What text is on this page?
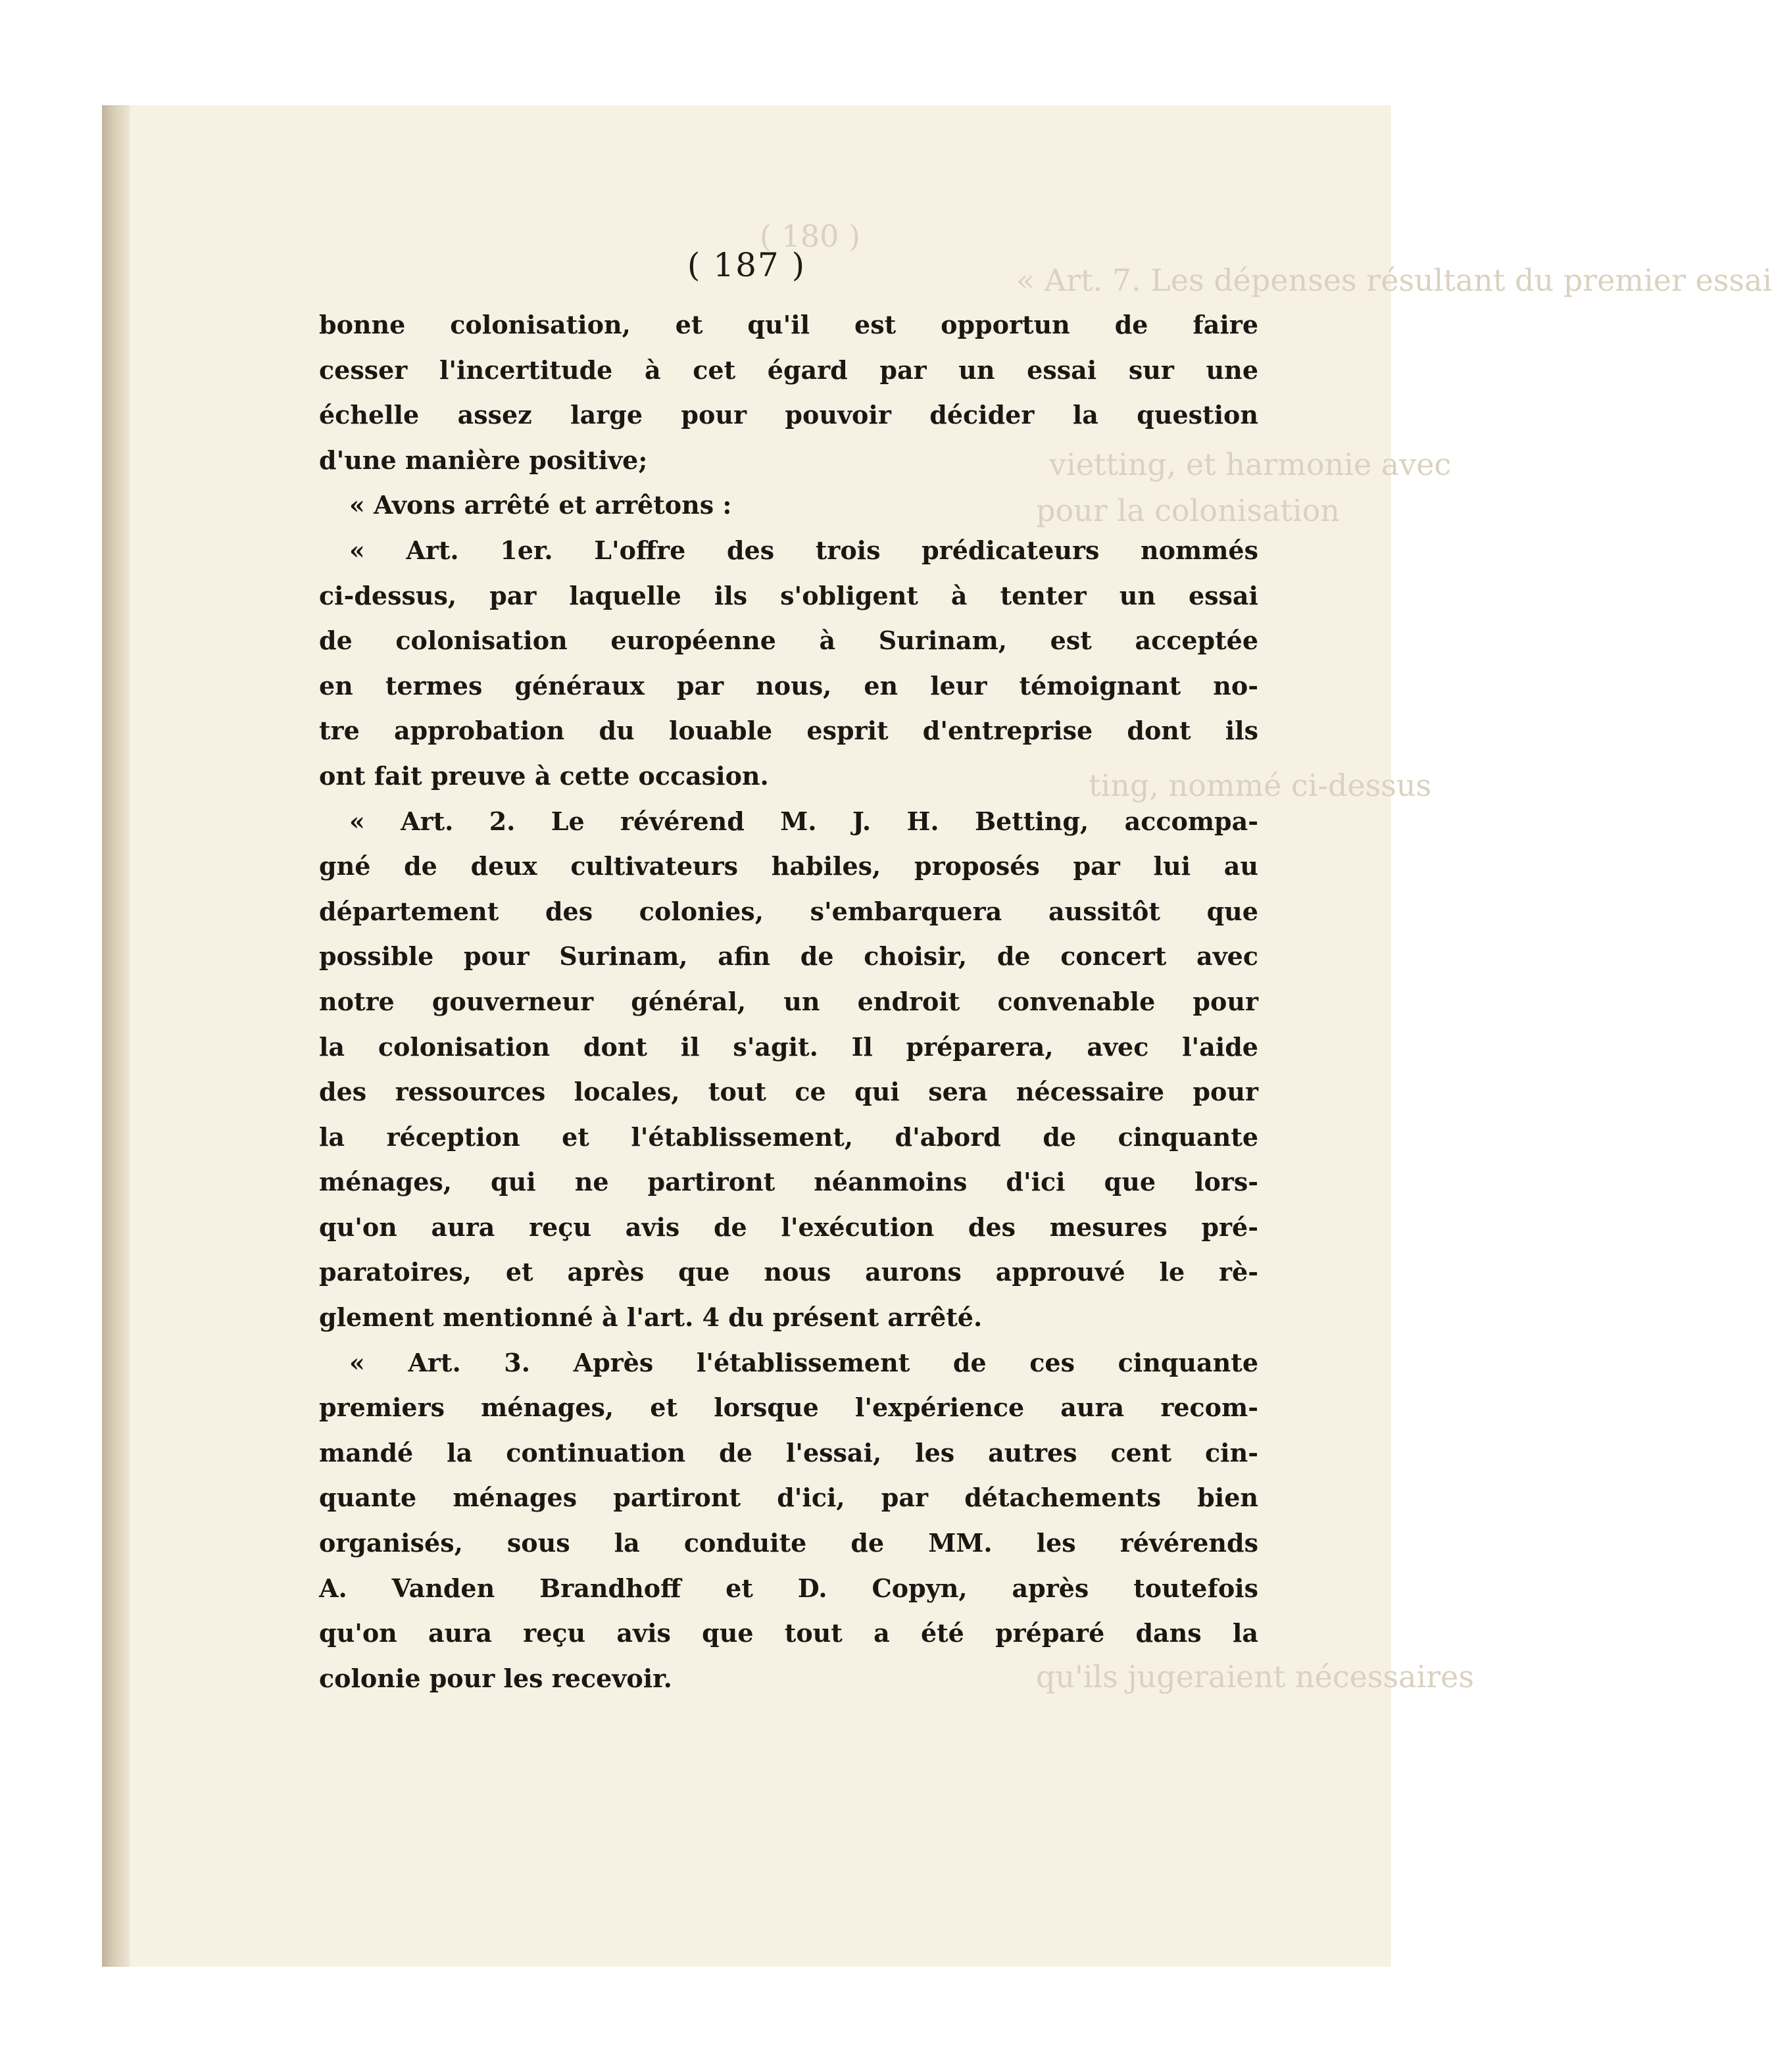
( 180 )
« Art. 7. Les dépenses résultant du premier essai
vietting, et harmonie avec
pour la colonisation
ting, nommé ci-dessus
qu'ils jugeraient nécessaires
( 187 )
bonne colonisation, et qu'il est opportun de faire
cesser l'incertitude à cet égard par un essai sur une
échelle assez large pour pouvoir décider la question
d'une manière positive;
« Avons arrêté et arrêtons :
« Art. 1er. L'offre des trois prédicateurs nommés
ci-dessus, par laquelle ils s'obligent à tenter un essai
de colonisation européenne à Surinam, est acceptée
en termes généraux par nous, en leur témoignant no-
tre approbation du louable esprit d'entreprise dont ils
ont fait preuve à cette occasion.
« Art. 2. Le révérend M. J. H. Betting, accompa-
gné de deux cultivateurs habiles, proposés par lui au
département des colonies, s'embarquera aussitôt que
possible pour Surinam, afin de choisir, de concert avec
notre gouverneur général, un endroit convenable pour
la colonisation dont il s'agit. Il préparera, avec l'aide
des ressources locales, tout ce qui sera nécessaire pour
la réception et l'établissement, d'abord de cinquante
ménages, qui ne partiront néanmoins d'ici que lors-
qu'on aura reçu avis de l'exécution des mesures pré-
paratoires, et après que nous aurons approuvé le rè-
glement mentionné à l'art. 4 du présent arrêté.
« Art. 3. Après l'établissement de ces cinquante
premiers ménages, et lorsque l'expérience aura recom-
mandé la continuation de l'essai, les autres cent cin-
quante ménages partiront d'ici, par détachements bien
organisés, sous la conduite de MM. les révérends
A. Vanden Brandhoff et D. Copyn, après toutefois
qu'on aura reçu avis que tout a été préparé dans la
colonie pour les recevoir.
